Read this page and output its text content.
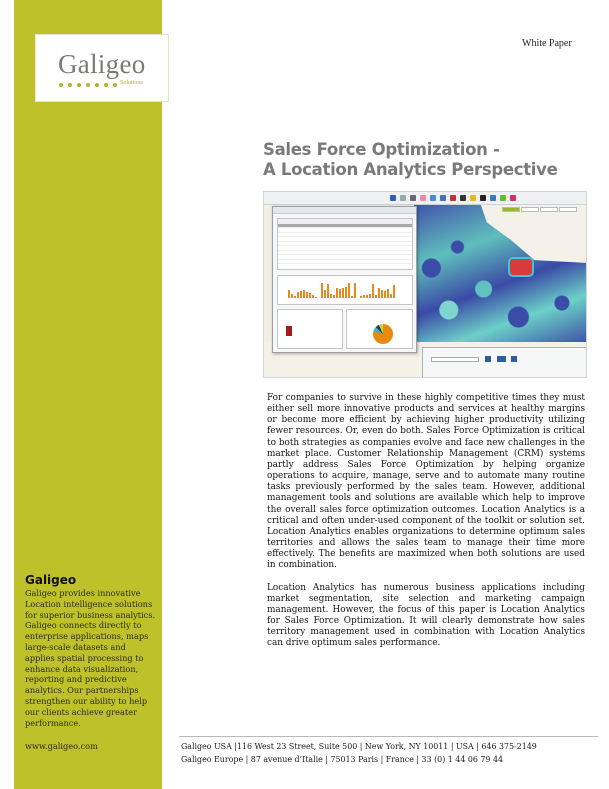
Galigeo
Solutions
Galigeo
Galigeo provides innovative Location intelligence solutions for superior business analytics. Galigeo connects directly to enterprise applications, maps large-scale datasets and applies spatial processing to enhance data visualization, reporting and predictive analytics. Our partnerships strengthen our ability to help our clients achieve greater performance.
www.galigeo.com
White Paper
Sales Force Optimization -
A Location Analytics Perspective

For companies to survive in these highly competitive times they must either sell more innovative products and services at healthy margins or become more efficient by achieving higher productivity utilizing fewer resources. Or, even do both. Sales Force Optimization is critical to both strategies as companies evolve and face new challenges in the market place. Customer Relationship Management (CRM) systems partly address Sales Force Optimization by helping organize operations to acquire, manage, serve and to automate many routine tasks previously performed by the sales team. However, additional management tools and solutions are available which help to improve the overall sales force optimization outcomes. Location Analytics is a critical and often under-used component of the toolkit or solution set. Location Analytics enables organizations to determine optimum sales territories and allows the sales team to manage their time more effectively. The benefits are maximized when both solutions are used in combination.

Location Analytics has numerous business applications including market segmentation, site selection and marketing campaign management. However, the focus of this paper is Location Analytics for Sales Force Optimization. It will clearly demonstrate how sales territory management used in combination with Location Analytics can drive optimum sales performance.

Galigeo USA |116 West 23 Street, Suite 500 | New York, NY 10011 | USA | 646 375-2149
Galigeo Europe | 87 avenue d’Italie | 75013 Paris | France | 33 (0) 1 44 06 79 44
